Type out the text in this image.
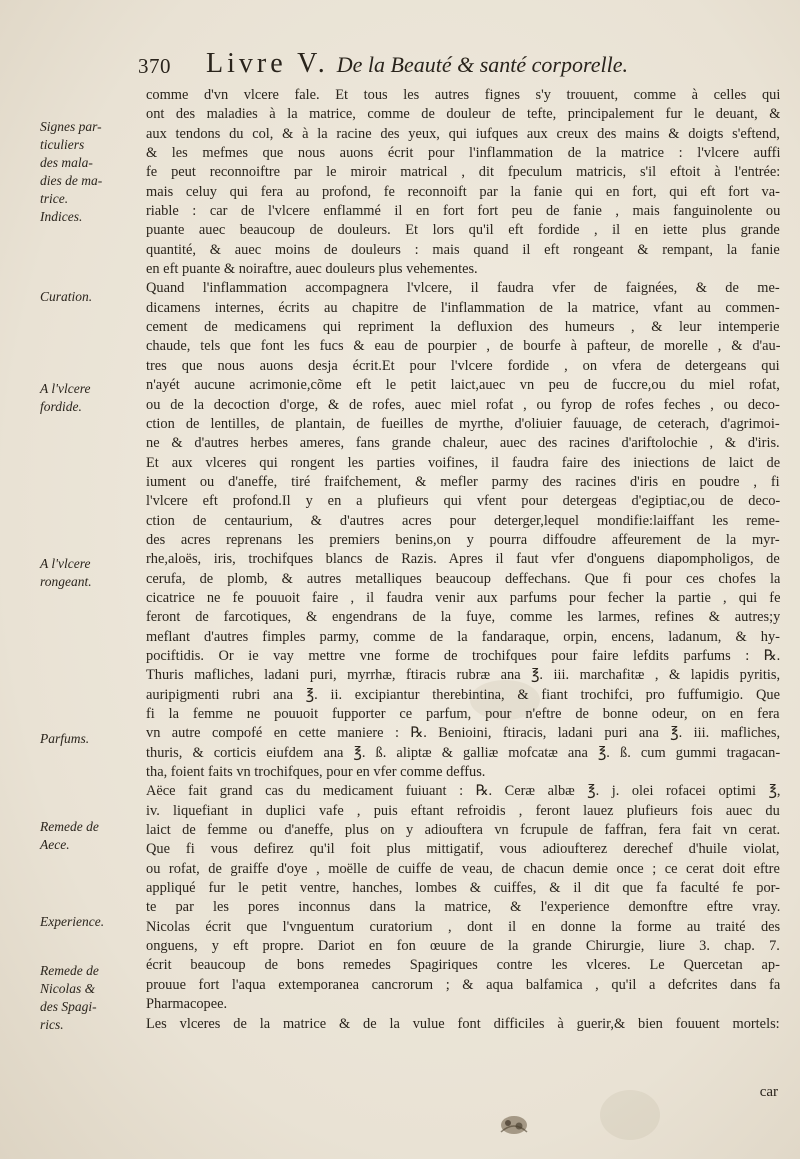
370 Livre V. De la Beauté & santé corporelle.
Signes par-
ticuliers
des mala-
dies de ma-
trice.
Indices.
Curation.
A l'vlcere
fordide.
A l'vlcere
rongeant.
Parfums.
Remede de
Aece.
Experience.
Remede de
Nicolas &
des Spagi-
rics.
comme d'vn vlcere fale. Et tous les autres fignes s'y trouuent, comme à celles qui
ont des maladies à la matrice, comme de douleur de tefte, principalement fur le deuant, &
aux tendons du col, & à la racine des yeux, qui iufques aux creux des mains & doigts s'eftend,
& les mefmes que nous auons écrit pour l'inflammation de la matrice : l'vlcere auffi
fe peut reconnoiftre par le miroir matrical , dit fpeculum matricis, s'il eftoit à l'entrée:
mais celuy qui fera au profond, fe reconnoift par la fanie qui en fort, qui eft fort va-
riable : car de l'vlcere enflammé il en fort fort peu de fanie , mais fanguinolente ou
puante auec beaucoup de douleurs. Et lors qu'il eft fordide , il en iette plus grande
quantité, & auec moins de douleurs : mais quand il eft rongeant & rempant, la fanie
en eft puante & noiraftre, auec douleurs plus vehementes.
Quand l'inflammation accompagnera l'vlcere, il faudra vfer de faignées, & de me-
dicamens internes, écrits au chapitre de l'inflammation de la matrice, vfant au commen-
cement de medicamens qui repriment la defluxion des humeurs , & leur intemperie
chaude, tels que font les fucs & eau de pourpier , de bourfe à pafteur, de morelle , & d'au-
tres que nous auons desja écrit.Et pour l'vlcere fordide , on vfera de detergeans qui
n'ayét aucune acrimonie,cõme eft le petit laict,auec vn peu de fuccre,ou du miel rofat,
ou de la decoction d'orge, & de rofes, auec miel rofat , ou fyrop de rofes feches , ou deco-
ction de lentilles, de plantain, de fueilles de myrthe, d'oliuier fauuage, de ceterach, d'agrimoi-
ne & d'autres herbes ameres, fans grande chaleur, auec des racines d'ariftolochie , & d'iris.
Et aux vlceres qui rongent les parties voifines, il faudra faire des iniections de laict de
iument ou d'aneffe, tiré fraifchement, & mefler parmy des racines d'iris en poudre , fi
l'vlcere eft profond.Il y en a plufieurs qui vfent pour detergeas d'egiptiac,ou de deco-
ction de centaurium, & d'autres acres pour deterger,lequel mondifie:laiffant les reme-
des acres reprenans les premiers benins,on y pourra diffoudre affeurement de la myr-
rhe,aloës, iris, trochifques blancs de Razis. Apres il faut vfer d'onguens diapompholigos, de
cerufa, de plomb, & autres metalliques beaucoup deffechans. Que fi pour ces chofes la
cicatrice ne fe pouuoit faire , il faudra venir aux parfums pour fecher la partie , qui fe
feront de farcotiques, & engendrans de la fuye, comme les larmes, refines & autres;y
meflant d'autres fimples parmy, comme de la fandaraque, orpin, encens, ladanum, & hy-
pociftidis. Or ie vay mettre vne forme de trochifques pour faire lefdits parfums : ℞.
Thuris mafliches, ladani puri, myrrhæ, ftiracis rubræ ana ℥. iii. marchafitæ , & lapidis pyritis,
auripigmenti rubri ana ℥. ii. excipiantur therebintina, & fiant trochifci, pro fuffumigio. Que
fi la femme ne pouuoit fupporter ce parfum, pour n'eftre de bonne odeur, on en fera
vn autre compofé en cette maniere : ℞. Benioini, ftiracis, ladani puri ana ℥. iii. mafliches,
thuris, & corticis eiufdem ana ℥. ß. aliptæ & galliæ mofcatæ ana ℥. ß. cum gummi tragacan-
tha, foient faits vn trochifques, pour en vfer comme deffus.
Aëce fait grand cas du medicament fuiuant : ℞. Ceræ albæ ℥. j. olei rofacei optimi ℥,
iv. liquefiant in duplici vafe , puis eftant refroidis , feront lauez plufieurs fois auec du
laict de femme ou d'aneffe, plus on y adiouftera vn fcrupule de faffran, fera fait vn cerat.
Que fi vous defirez qu'il foit plus mittigatif, vous adioufterez derechef d'huile violat,
ou rofat, de graiffe d'oye , moëlle de cuiffe de veau, de chacun demie once ; ce cerat doit eftre
appliqué fur le petit ventre, hanches, lombes & cuiffes, & il dit que fa faculté fe por-
te par les pores inconnus dans la matrice, & l'experience demonftre eftre vray.
Nicolas écrit que l'vnguentum curatorium , dont il en donne la forme au traité des
onguens, y eft propre. Dariot en fon œuure de la grande Chirurgie, liure 3. chap. 7.
écrit beaucoup de bons remedes Spagiriques contre les vlceres. Le Quercetan ap-
prouue fort l'aqua extemporanea cancrorum ; & aqua balfamica , qu'il a defcrites dans fa
Pharmacopee.
Les vlceres de la matrice & de la vulue font difficiles à guerir,& bien fouuent mortels:
car
